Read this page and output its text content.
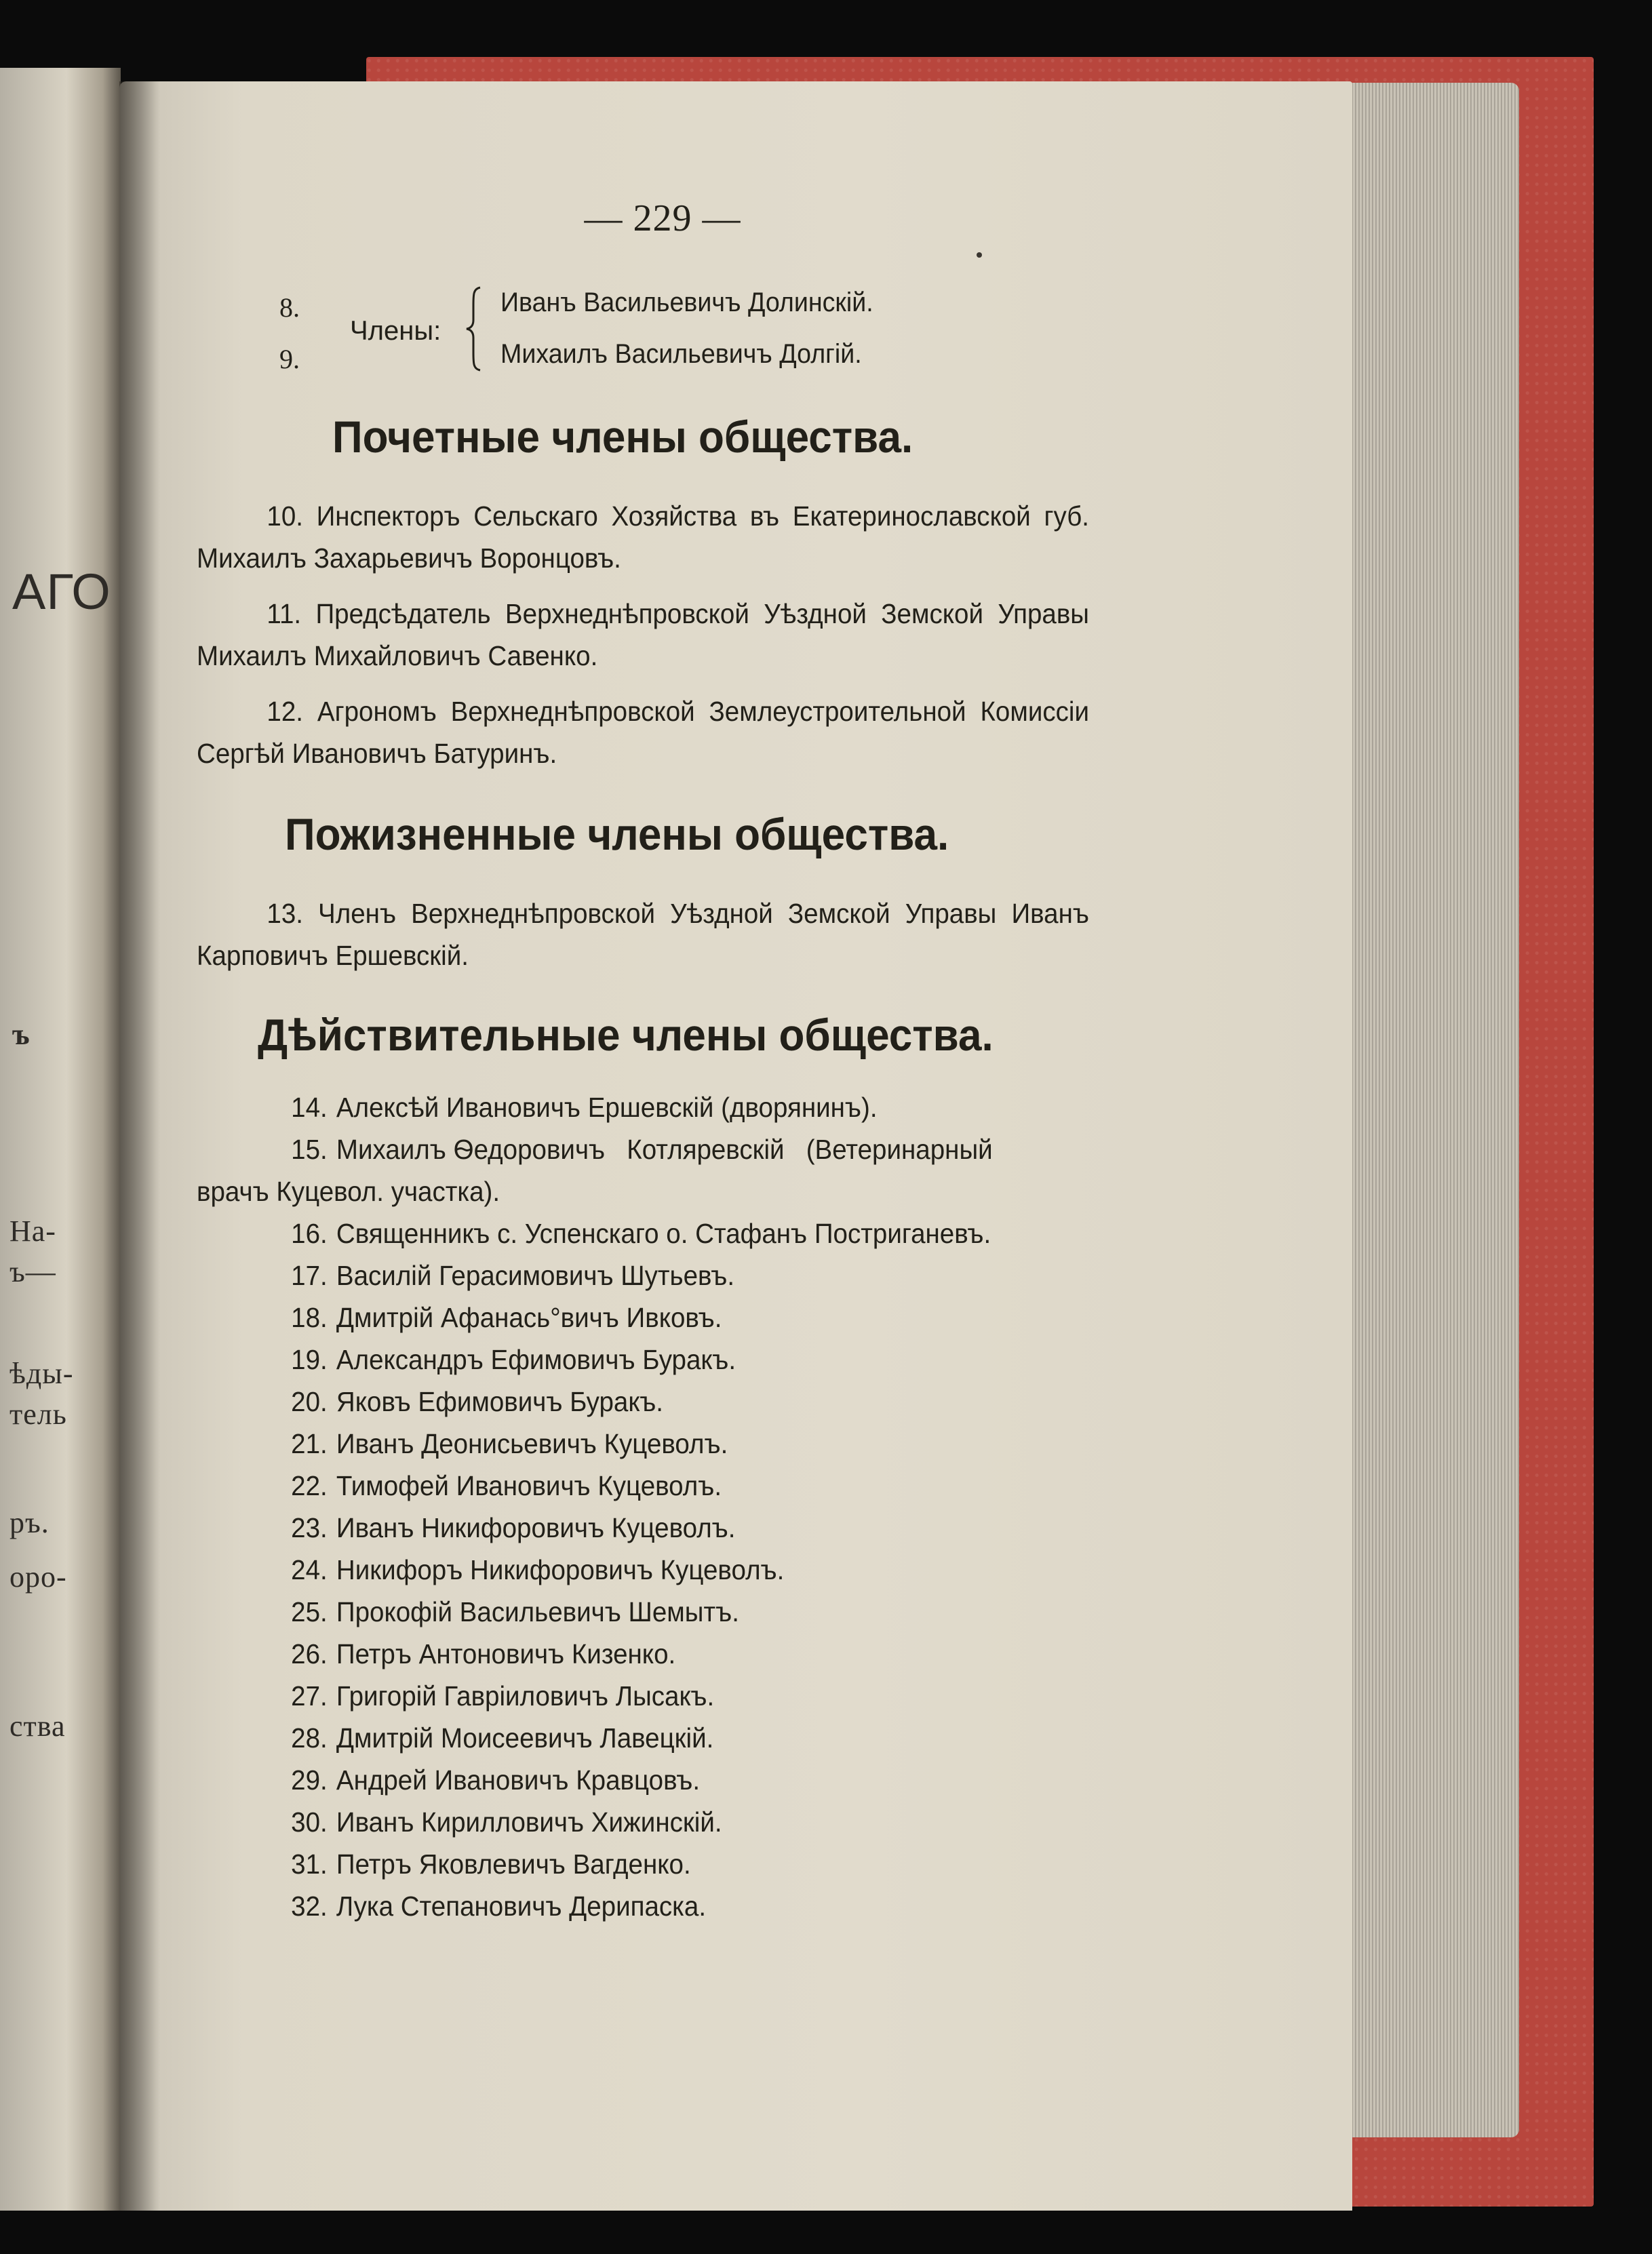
АГО
ъ
На-
ъ—
ѣды-
тель
ръ.
оро-
ства
— 229 —
8.
9.
Члены:
Иванъ Васильевичъ Долинскій.
Михаилъ Васильевичъ Долгій.
Почетные члены общества.
10. Инспекторъ Сельскаго Хозяйства въ Екатеринославской губ. Михаилъ Захарьевичъ Воронцовъ.
11. Предсѣдатель Верхнеднѣпровской Уѣздной Земской Управы Михаилъ Михайловичъ Савенко.
12. Агрономъ Верхнеднѣпровской Землеустроительной Комиссіи Сергѣй Ивановичъ Батуринъ.
Пожизненные члены общества.
13. Членъ Верхнеднѣпровской Уѣздной Земской Управы Иванъ Карповичъ Ершевскій.
Дѣйствительные члены общества.
14. Алексѣй Ивановичъ Ершевскій (дворянинъ).
15. Михаилъ Ѳедоровичъ   Котляревскій   (Ветеринарный
врачъ Куцевол. участка).
16. Священникъ с. Успенскаго о. Стафанъ Постриганевъ.
17. Василій Герасимовичъ Шутьевъ.
18. Дмитрій Афанась°вичъ Ивковъ.
19. Александръ Ефимовичъ Буракъ.
20. Яковъ Ефимовичъ Буракъ.
21. Иванъ Деонисьевичъ Куцеволъ.
22. Тимофей Ивановичъ Куцеволъ.
23. Иванъ Никифоровичъ Куцеволъ.
24. Никифоръ Никифоровичъ Куцеволъ.
25. Прокофій Васильевичъ Шемытъ.
26. Петръ Антоновичъ Кизенко.
27. Григорій Гавріиловичъ Лысакъ.
28. Дмитрій Моисеевичъ Лавецкій.
29. Андрей Ивановичъ Кравцовъ.
30. Иванъ Кирилловичъ Хижинскій.
31. Петръ Яковлевичъ Вагденко.
32. Лука Степановичъ Дерипаска.
